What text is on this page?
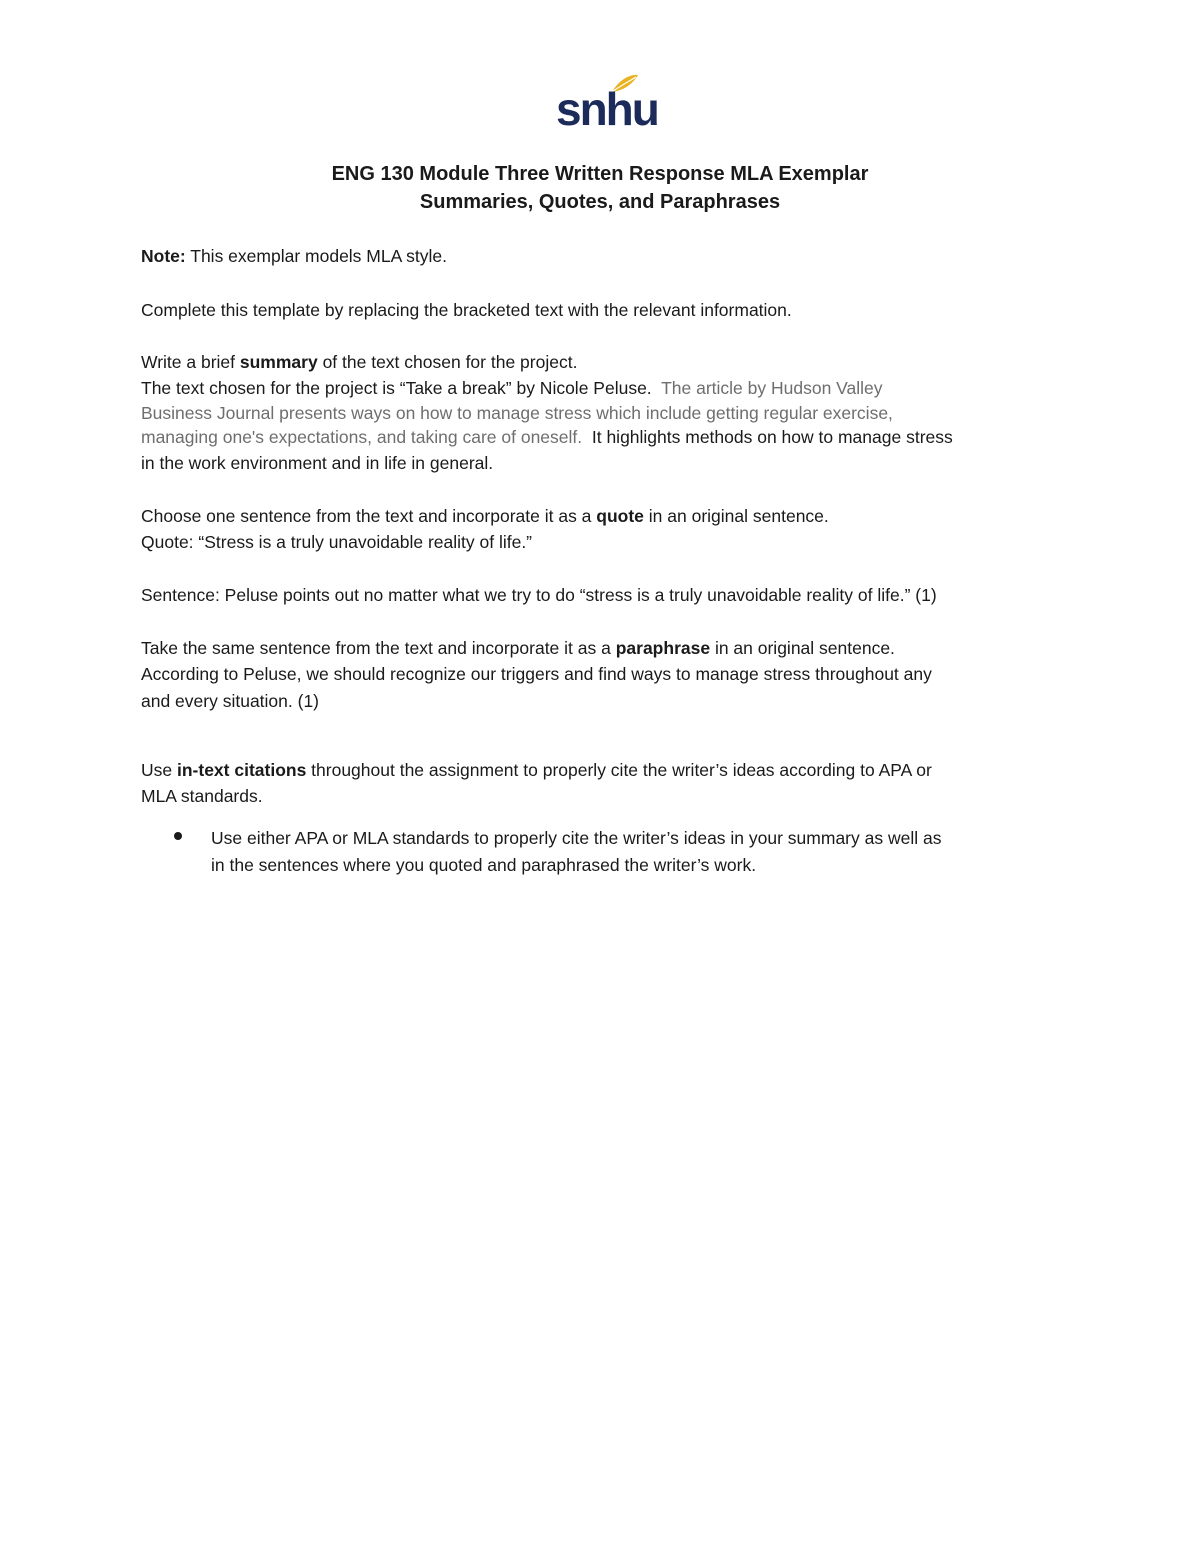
snhu
ENG 130 Module Three Written Response MLA Exemplar
Summaries, Quotes, and Paraphrases
Note: This exemplar models MLA style.
Complete this template by replacing the bracketed text with the relevant information.
Write a brief summary of the text chosen for the project.
The text chosen for the project is “Take a break” by Nicole Peluse.  The article by Hudson Valley
Business Journal presents ways on how to manage stress which include getting regular exercise,
managing one's expectations, and taking care of oneself.  It highlights methods on how to manage stress
in the work environment and in life in general.
Choose one sentence from the text and incorporate it as a quote in an original sentence.
Quote: “Stress is a truly unavoidable reality of life.”
Sentence: Peluse points out no matter what we try to do “stress is a truly unavoidable reality of life.” (1)
Take the same sentence from the text and incorporate it as a paraphrase in an original sentence.
According to Peluse, we should recognize our triggers and find ways to manage stress throughout any
and every situation. (1)
Use in-text citations throughout the assignment to properly cite the writer’s ideas according to APA or
MLA standards.
Use either APA or MLA standards to properly cite the writer’s ideas in your summary as well as
in the sentences where you quoted and paraphrased the writer’s work.
